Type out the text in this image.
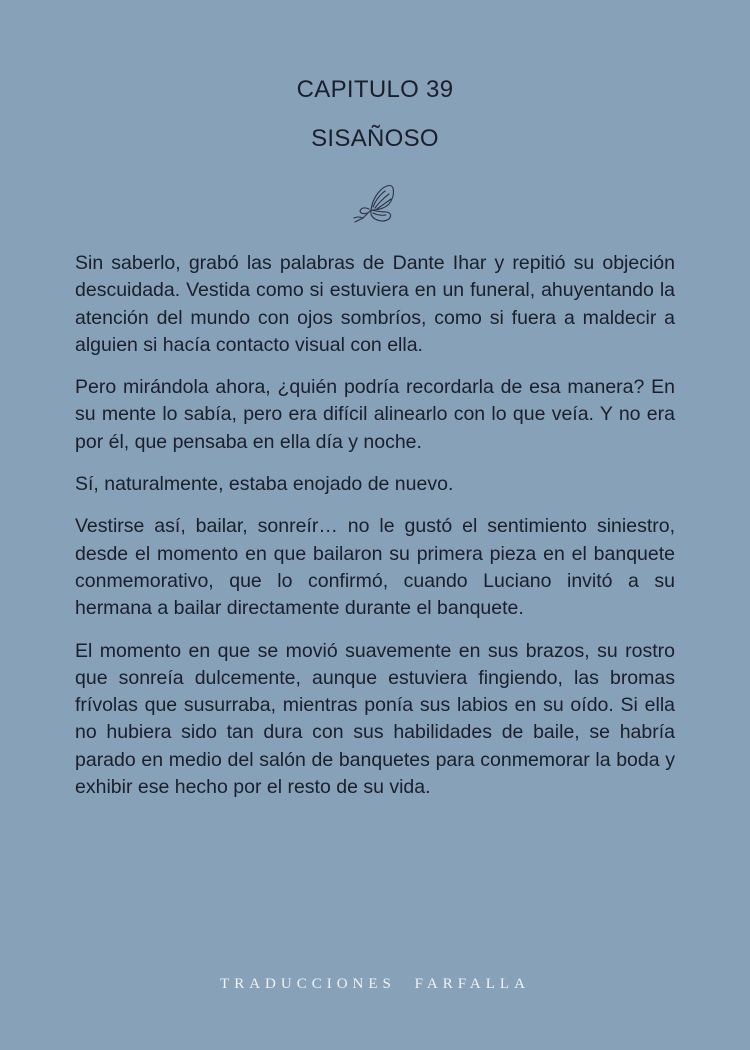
CAPITULO 39
SISAÑOSO

Sin saberlo, grabó las palabras de Dante Ihar y repitió su objeción descuidada. Vestida como si estuviera en un funeral, ahuyentando la atención del mundo con ojos sombríos, como si fuera a maldecir a alguien si hacía contacto visual con ella.

Pero mirándola ahora, ¿quién podría recordarla de esa manera? En su mente lo sabía, pero era difícil alinearlo con lo que veía. Y no era por él, que pensaba en ella día y noche.

Sí, naturalmente, estaba enojado de nuevo.

Vestirse así, bailar, sonreír… no le gustó el sentimiento siniestro, desde el momento en que bailaron su primera pieza en el banquete conmemorativo, que lo confirmó, cuando Luciano invitó a su hermana a bailar directamente durante el banquete.

El momento en que se movió suavemente en sus brazos, su rostro que sonreía dulcemente, aunque estuviera fingiendo, las bromas frívolas que susurraba, mientras ponía sus labios en su oído. Si ella no hubiera sido tan dura con sus habilidades de baile, se habría parado en medio del salón de banquetes para conmemorar la boda y exhibir ese hecho por el resto de su vida.

TRADUCCIONES FARFALLA
